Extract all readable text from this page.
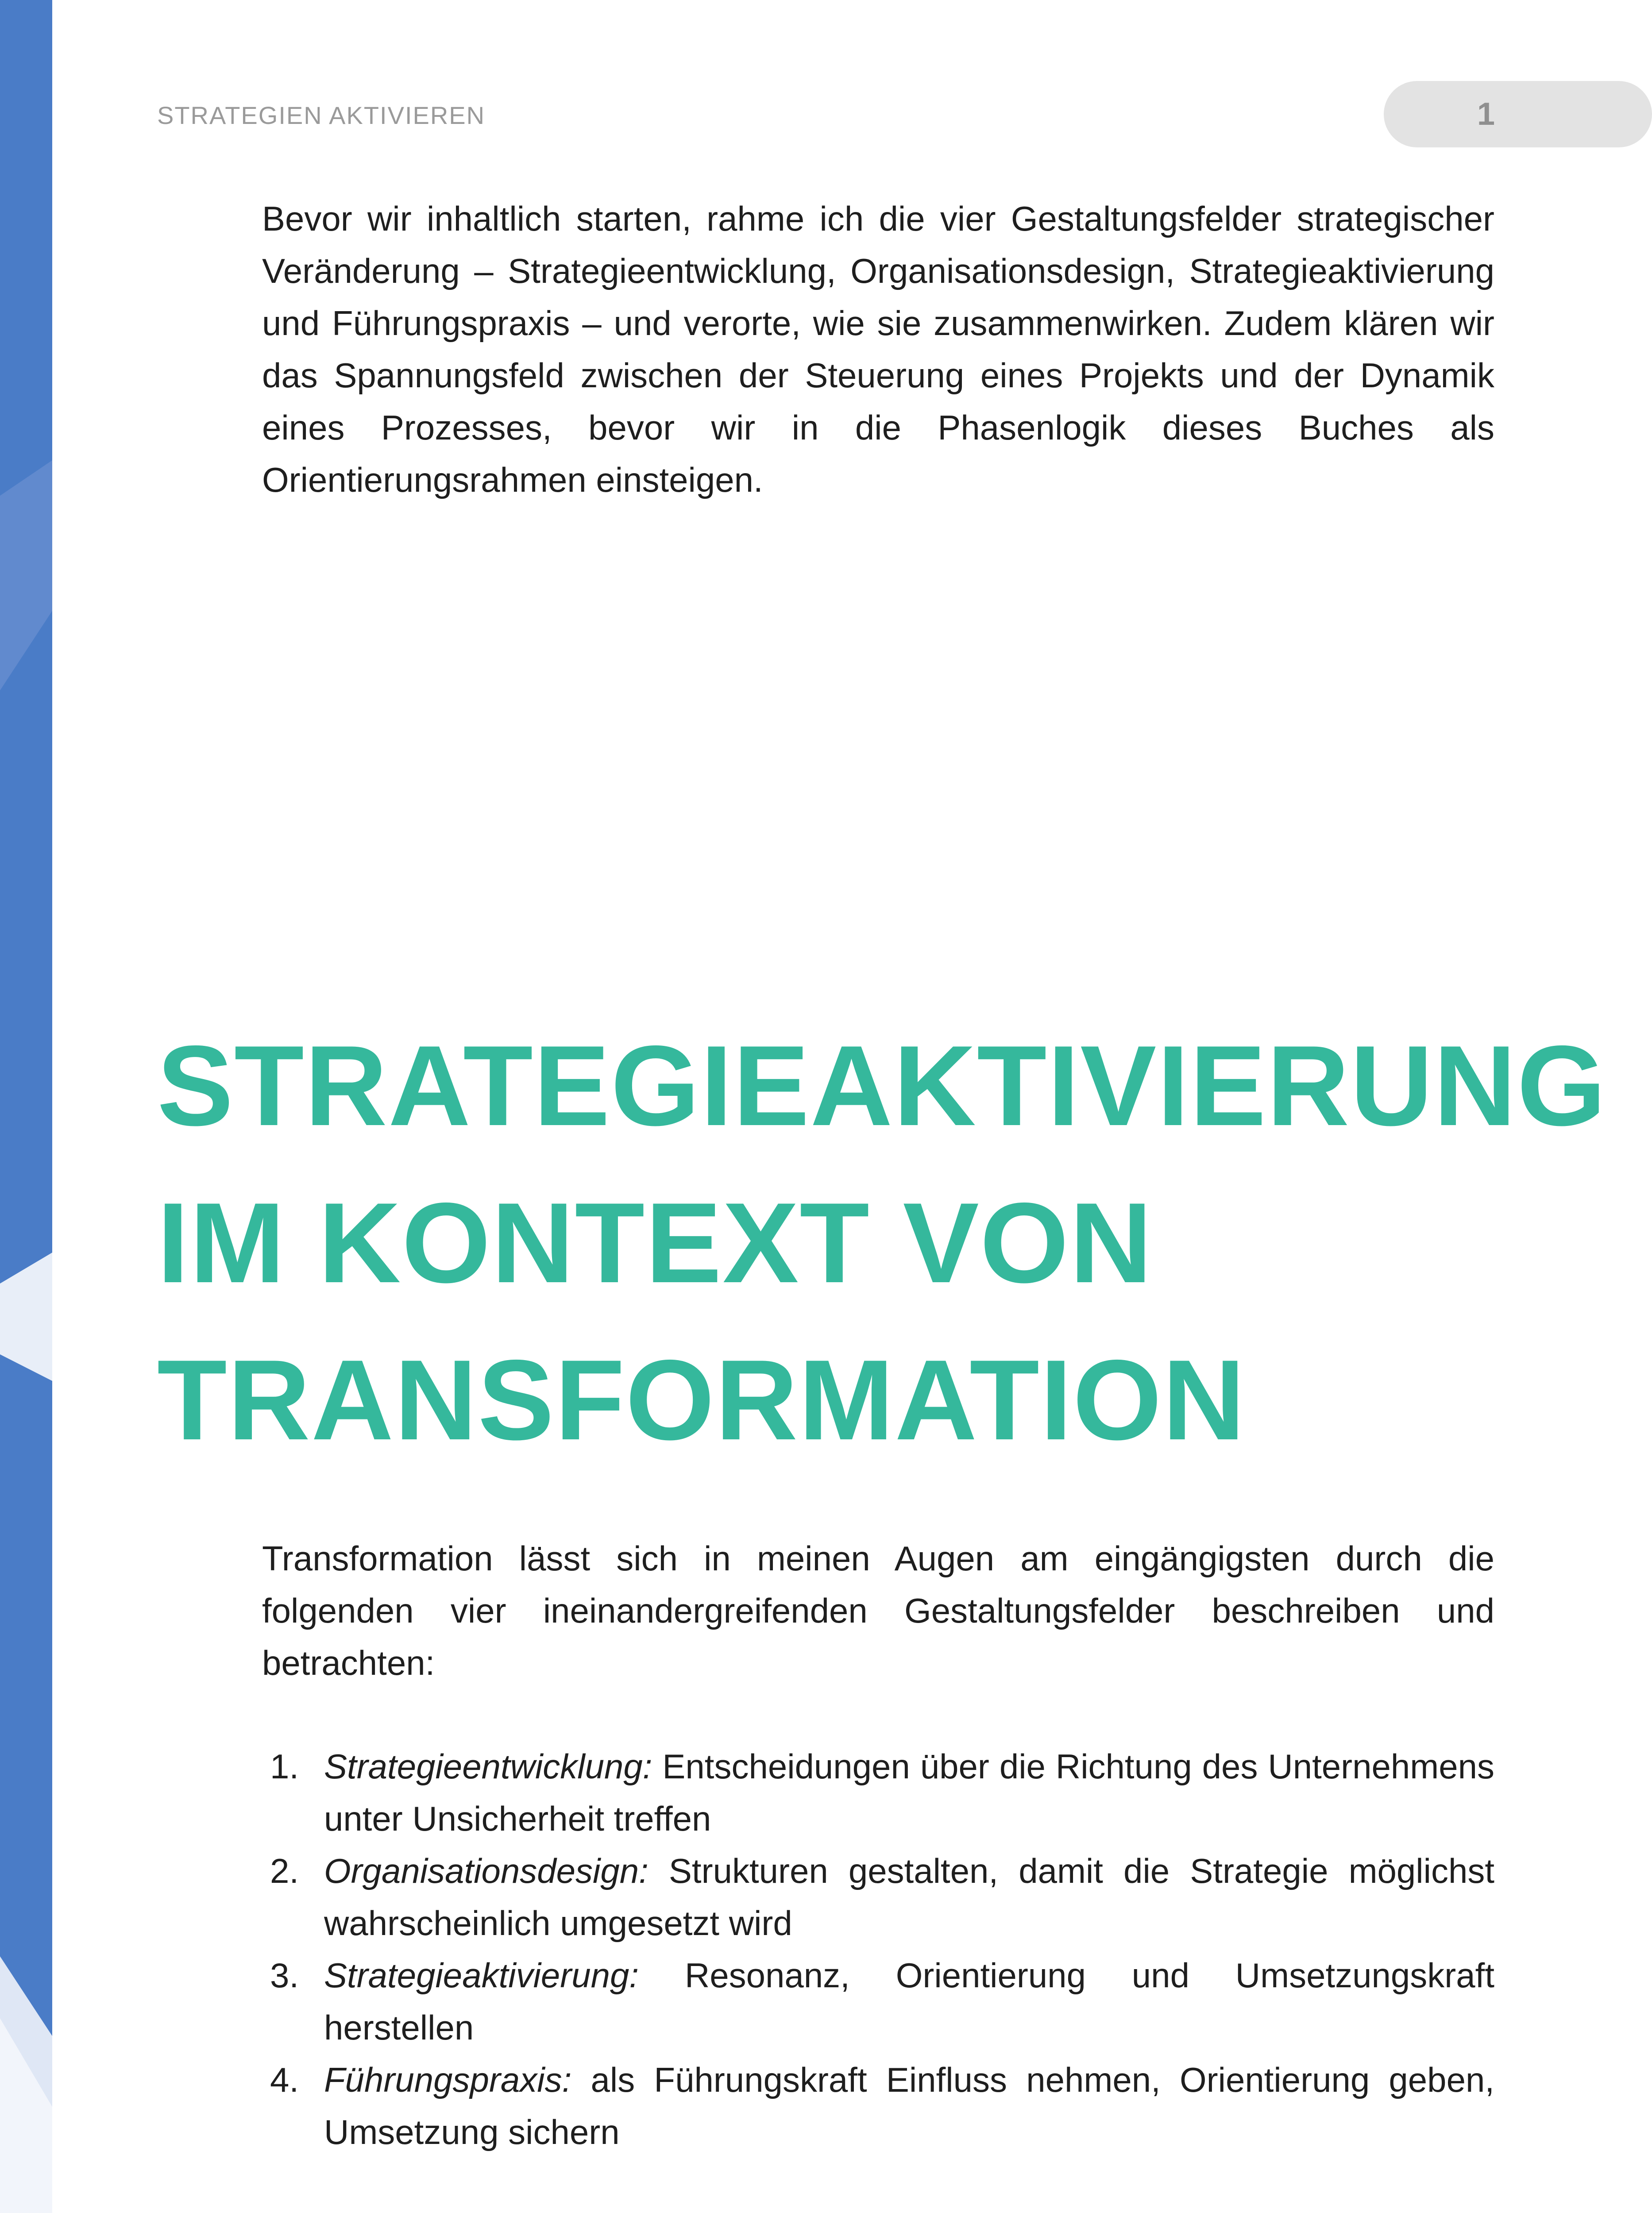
STRATEGIEN AKTIVIEREN	1

Bevor wir inhaltlich starten, rahme ich die vier Gestaltungsfelder strategischer Veränderung – Strategieentwicklung, Organisationsdesign, Strategieaktivierung und Führungspraxis – und verorte, wie sie zusammenwirken. Zudem klären wir das Spannungsfeld zwischen der Steuerung eines Projekts und der Dynamik eines Prozesses, bevor wir in die Phasenlogik dieses Buches als Orientierungsrahmen einsteigen.

STRATEGIEAKTIVIERUNG
IM KONTEXT VON
TRANSFORMATION

Transformation lässt sich in meinen Augen am eingängigsten durch die folgenden vier ineinandergreifenden Gestaltungsfelder beschreiben und betrachten:

1. Strategieentwicklung: Entscheidungen über die Richtung des Unternehmens unter Unsicherheit treffen
2. Organisationsdesign: Strukturen gestalten, damit die Strategie möglichst wahrscheinlich umgesetzt wird
3. Strategieaktivierung: Resonanz, Orientierung und Umsetzungskraft herstellen
4. Führungspraxis: als Führungskraft Einfluss nehmen, Orientierung geben, Umsetzung sichern
